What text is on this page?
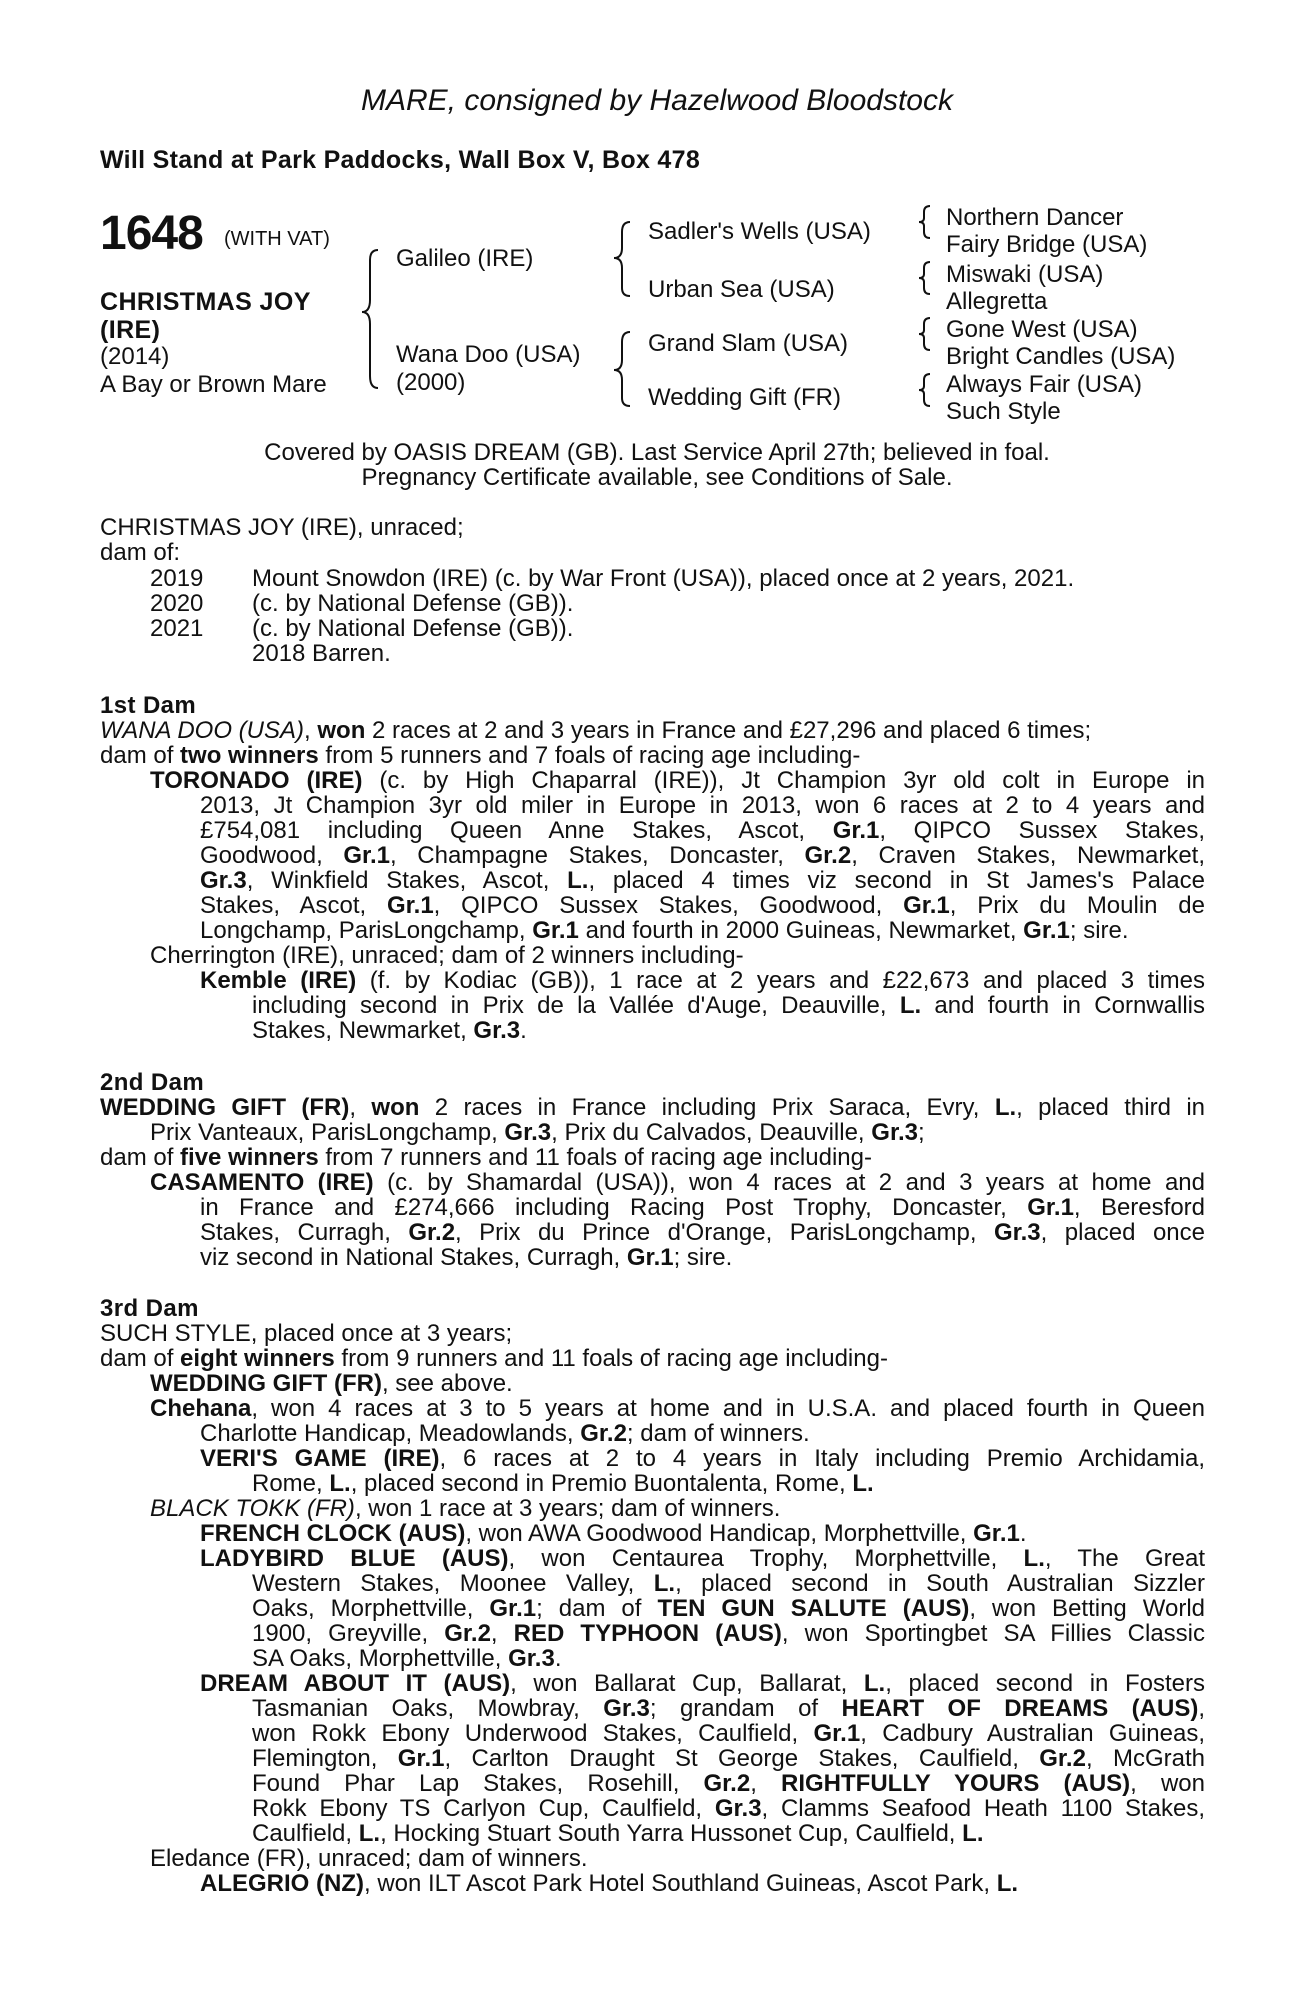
MARE, consigned by Hazelwood Bloodstock
Will Stand at Park Paddocks, Wall Box V, Box 478
1648 (WITH VAT)
CHRISTMAS JOY
(IRE)
(2014)
A Bay or Brown Mare
Galileo (IRE)
Wana Doo (USA)
(2000)
Sadler's Wells (USA)
Urban Sea (USA)
Grand Slam (USA)
Wedding Gift (FR)
Northern Dancer
Fairy Bridge (USA)
Miswaki (USA)
Allegretta
Gone West (USA)
Bright Candles (USA)
Always Fair (USA)
Such Style
Covered by OASIS DREAM (GB). Last Service April 27th; believed in foal.
Pregnancy Certificate available, see Conditions of Sale.
CHRISTMAS JOY (IRE), unraced;
dam of:
2019 Mount Snowdon (IRE) (c. by War Front (USA)), placed once at 2 years, 2021.
2020 (c. by National Defense (GB)).
2021 (c. by National Defense (GB)).
2018 Barren.
1st Dam
WANA DOO (USA), won 2 races at 2 and 3 years in France and £27,296 and placed 6 times;
dam of two winners from 5 runners and 7 foals of racing age including-
TORONADO (IRE) (c. by High Chaparral (IRE)), Jt Champion 3yr old colt in Europe in
2013, Jt Champion 3yr old miler in Europe in 2013, won 6 races at 2 to 4 years and
£754,081 including Queen Anne Stakes, Ascot, Gr.1, QIPCO Sussex Stakes,
Goodwood, Gr.1, Champagne Stakes, Doncaster, Gr.2, Craven Stakes, Newmarket,
Gr.3, Winkfield Stakes, Ascot, L., placed 4 times viz second in St James's Palace
Stakes, Ascot, Gr.1, QIPCO Sussex Stakes, Goodwood, Gr.1, Prix du Moulin de
Longchamp, ParisLongchamp, Gr.1 and fourth in 2000 Guineas, Newmarket, Gr.1; sire.
Cherrington (IRE), unraced; dam of 2 winners including-
Kemble (IRE) (f. by Kodiac (GB)), 1 race at 2 years and £22,673 and placed 3 times
including second in Prix de la Vallée d'Auge, Deauville, L. and fourth in Cornwallis
Stakes, Newmarket, Gr.3.
2nd Dam
WEDDING GIFT (FR), won 2 races in France including Prix Saraca, Evry, L., placed third in
Prix Vanteaux, ParisLongchamp, Gr.3, Prix du Calvados, Deauville, Gr.3;
dam of five winners from 7 runners and 11 foals of racing age including-
CASAMENTO (IRE) (c. by Shamardal (USA)), won 4 races at 2 and 3 years at home and
in France and £274,666 including Racing Post Trophy, Doncaster, Gr.1, Beresford
Stakes, Curragh, Gr.2, Prix du Prince d'Orange, ParisLongchamp, Gr.3, placed once
viz second in National Stakes, Curragh, Gr.1; sire.
3rd Dam
SUCH STYLE, placed once at 3 years;
dam of eight winners from 9 runners and 11 foals of racing age including-
WEDDING GIFT (FR), see above.
Chehana, won 4 races at 3 to 5 years at home and in U.S.A. and placed fourth in Queen
Charlotte Handicap, Meadowlands, Gr.2; dam of winners.
VERI'S GAME (IRE), 6 races at 2 to 4 years in Italy including Premio Archidamia,
Rome, L., placed second in Premio Buontalenta, Rome, L.
BLACK TOKK (FR), won 1 race at 3 years; dam of winners.
FRENCH CLOCK (AUS), won AWA Goodwood Handicap, Morphettville, Gr.1.
LADYBIRD BLUE (AUS), won Centaurea Trophy, Morphettville, L., The Great
Western Stakes, Moonee Valley, L., placed second in South Australian Sizzler
Oaks, Morphettville, Gr.1; dam of TEN GUN SALUTE (AUS), won Betting World
1900, Greyville, Gr.2, RED TYPHOON (AUS), won Sportingbet SA Fillies Classic
SA Oaks, Morphettville, Gr.3.
DREAM ABOUT IT (AUS), won Ballarat Cup, Ballarat, L., placed second in Fosters
Tasmanian Oaks, Mowbray, Gr.3; grandam of HEART OF DREAMS (AUS),
won Rokk Ebony Underwood Stakes, Caulfield, Gr.1, Cadbury Australian Guineas,
Flemington, Gr.1, Carlton Draught St George Stakes, Caulfield, Gr.2, McGrath
Found Phar Lap Stakes, Rosehill, Gr.2, RIGHTFULLY YOURS (AUS), won
Rokk Ebony TS Carlyon Cup, Caulfield, Gr.3, Clamms Seafood Heath 1100 Stakes,
Caulfield, L., Hocking Stuart South Yarra Hussonet Cup, Caulfield, L.
Eledance (FR), unraced; dam of winners.
ALEGRIO (NZ), won ILT Ascot Park Hotel Southland Guineas, Ascot Park, L.
